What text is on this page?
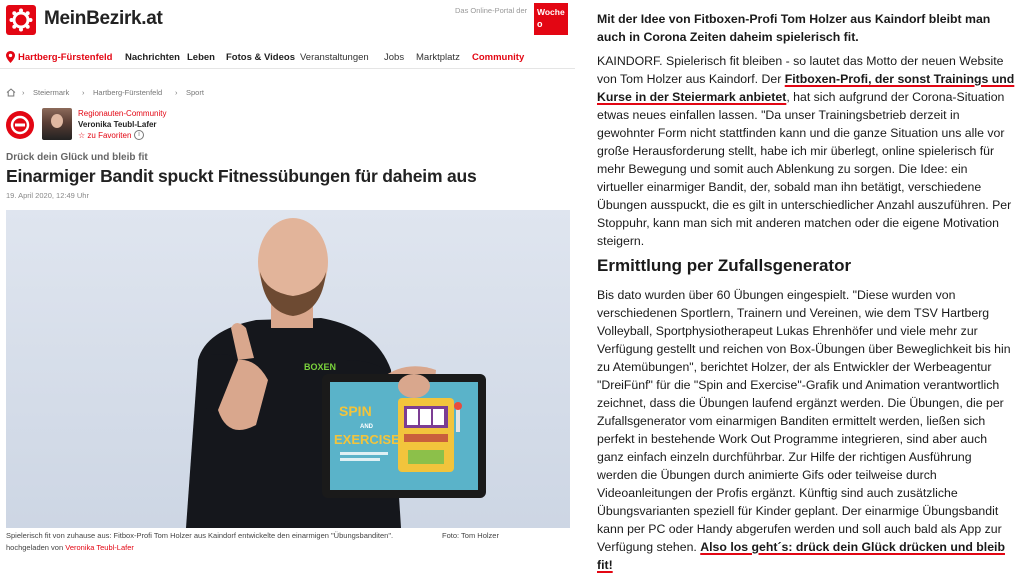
MeinBezirk.at	Das Online-Portal der	Woche
o
Hartberg-Fürstenfeld Nachrichten Leben Fotos & Videos Veranstaltungen Jobs Marktplatz Community
› Steiermark › Hartberg-Fürstenfeld › Sport
Regionauten-Community
Veronika Teubl-Lafer
☆ zu Favoriten i
Drück dein Glück und bleib fit
Einarmiger Bandit spuckt Fitnessübungen für daheim aus
19. April 2020, 12:49 Uhr
BOXEN
SPIN
AND
EXERCISE
Spielerisch fit von zuhause aus: Fitbox-Profi Tom Holzer aus Kaindorf entwickelte den einarmigen "Übungsbanditen".	Foto: Tom Holzer
hochgeladen von Veronika Teubl-Lafer
Mit der Idee von Fitboxen-Profi Tom Holzer aus Kaindorf bleibt man auch in Corona Zeiten daheim spielerisch fit.
KAINDORF. Spielerisch fit bleiben - so lautet das Motto der neuen Website von Tom Holzer aus Kaindorf. Der Fitboxen-Profi, der sonst Trainings und Kurse in der Steiermark anbietet, hat sich aufgrund der Corona-Situation etwas neues einfallen lassen. "Da unser Trainingsbetrieb derzeit in gewohnter Form nicht stattfinden kann und die ganze Situation uns alle vor große Herausforderung stellt, habe ich mir überlegt, online spielerisch für mehr Bewegung und somit auch Ablenkung zu sorgen. Die Idee: ein virtueller einarmiger Bandit, der, sobald man ihn betätigt, verschiedene Übungen ausspuckt, die es gilt in unterschiedlicher Anzahl auszuführen. Per Stoppuhr, kann man sich mit anderen matchen oder die eigene Motivation steigern.
Ermittlung per Zufallsgenerator
Bis dato wurden über 60 Übungen eingespielt. "Diese wurden von verschiedenen Sportlern, Trainern und Vereinen, wie dem TSV Hartberg Volleyball, Sportphysiotherapeut Lukas Ehrenhöfer und viele mehr zur Verfügung gestellt und reichen von Box-Übungen über Beweglichkeit bis hin zu Atemübungen", berichtet Holzer, der als Entwickler der Werbeagentur "DreiFünf" für die "Spin and Exercise"-Grafik und Animation verantwortlich zeichnet, dass die Übungen laufend ergänzt werden. Die Übungen, die per Zufallsgenerator vom einarmigen Banditen ermittelt werden, ließen sich perfekt in bestehende Work Out Programme integrieren, sind aber auch ganz einfach einzeln durchführbar. Zur Hilfe der richtigen Ausführung werden die Übungen durch animierte Gifs oder teilweise durch Videoanleitungen der Profis ergänzt. Künftig sind auch zusätzliche Übungsvarianten speziell für Kinder geplant. Der einarmige Übungsbandit kann per PC oder Handy abgerufen werden und soll auch bald als App zur Verfügung stehen. Also los geht´s: drück dein Glück drücken und bleib fit!
